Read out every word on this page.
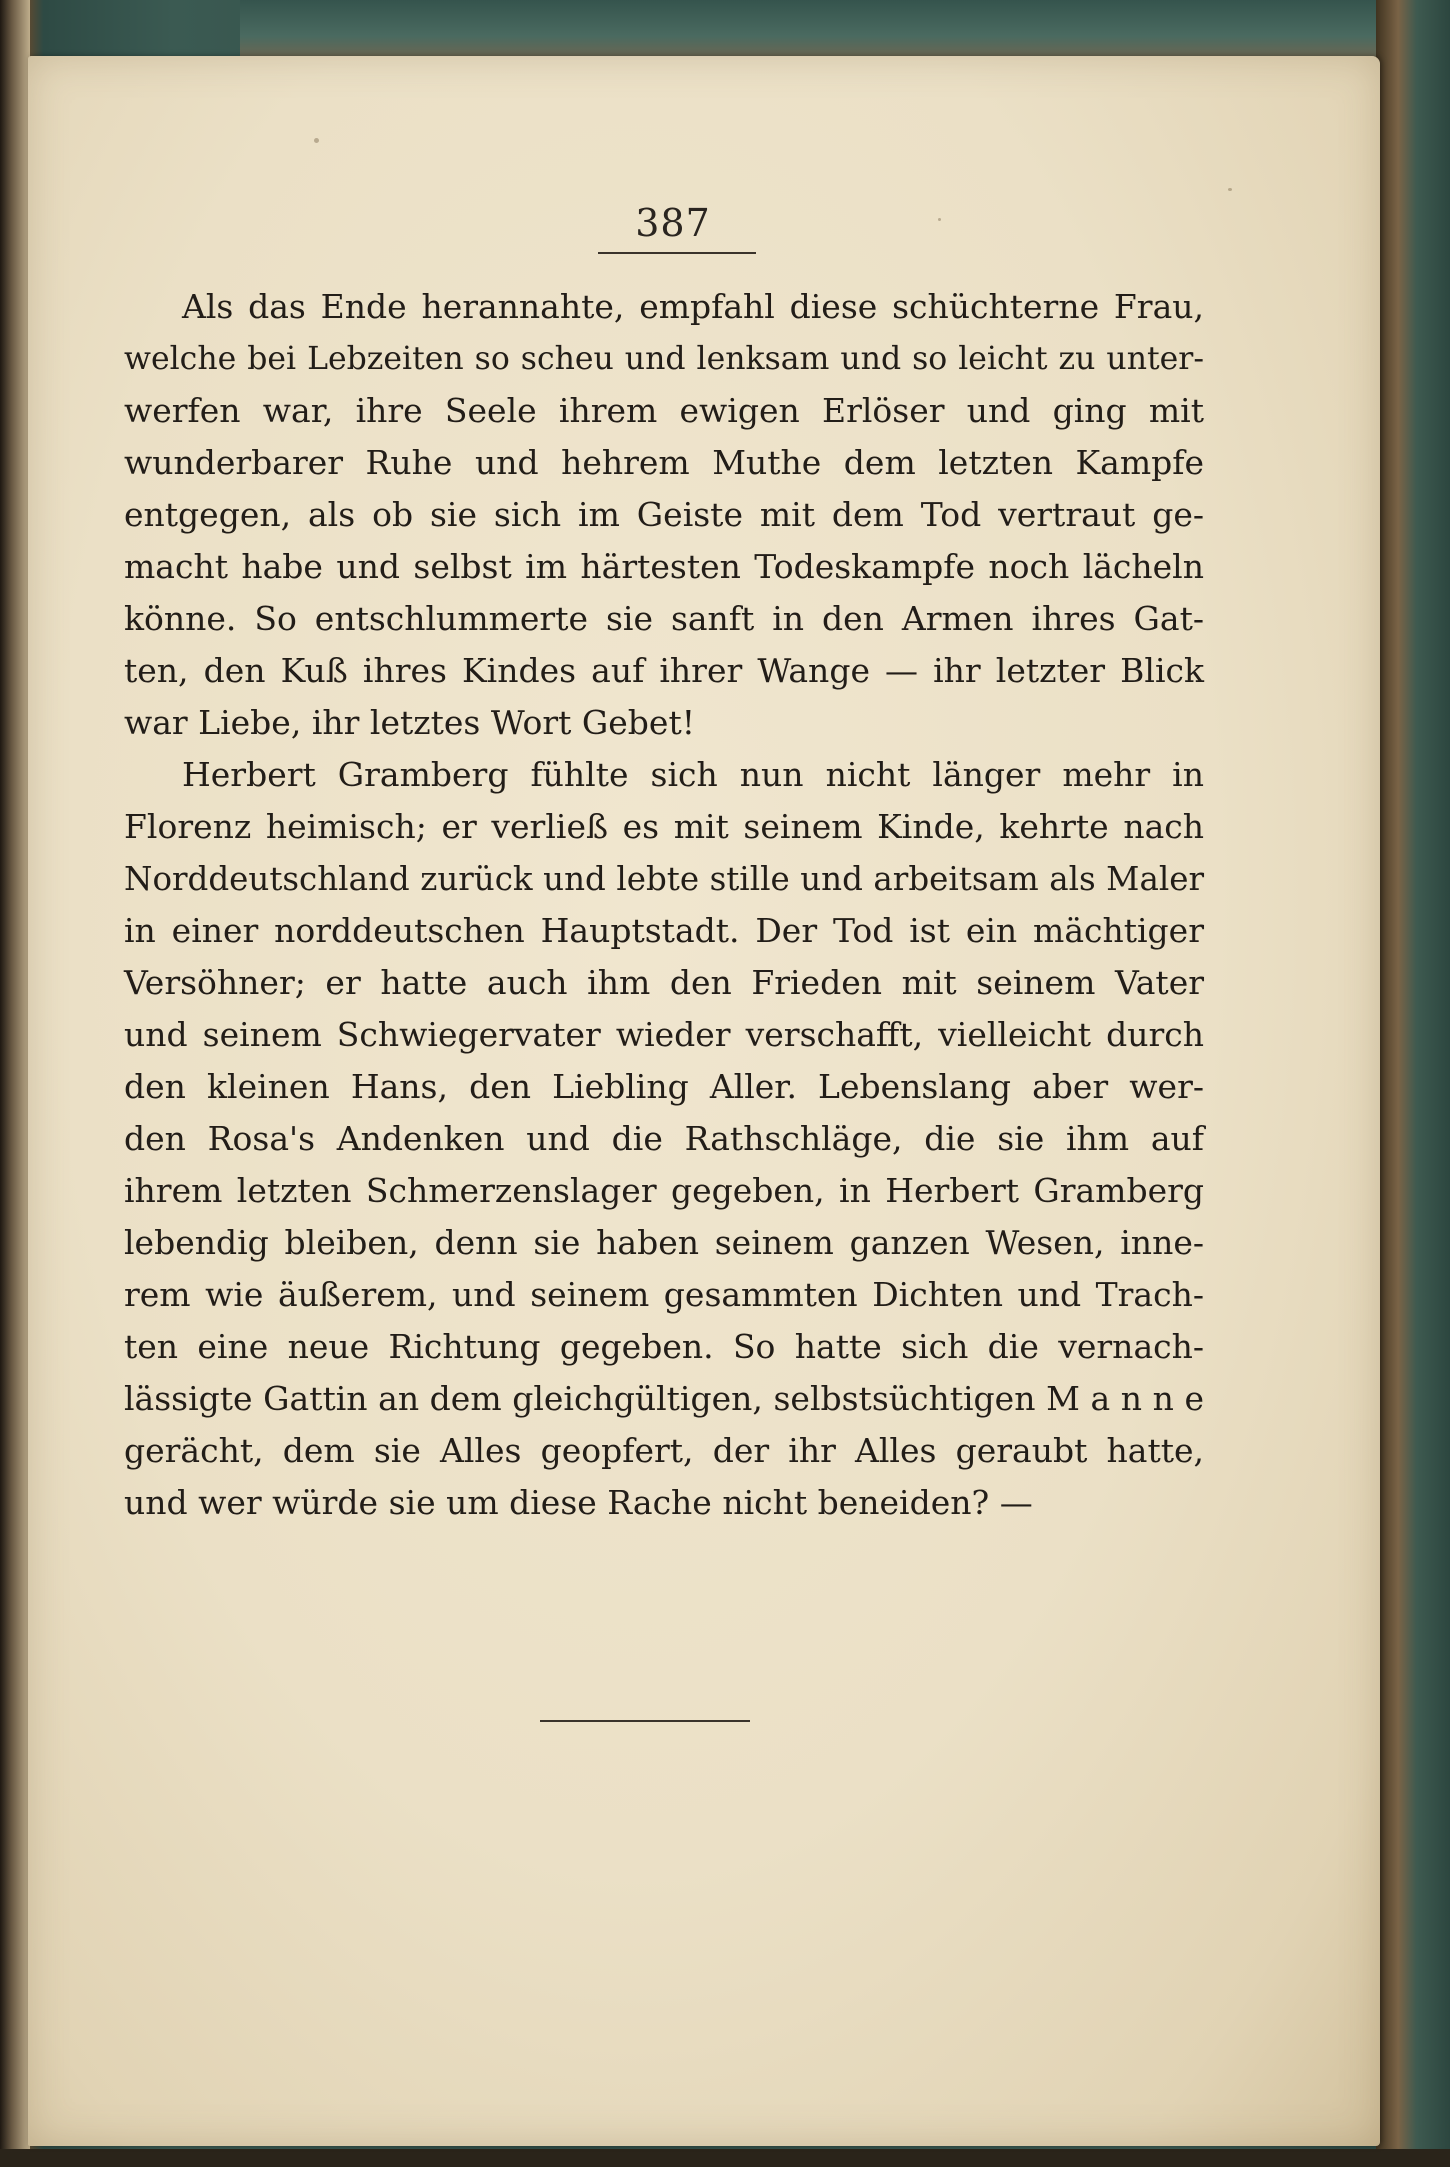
387
Als das Ende herannahte, empfahl diese schüchterne Frau,
welche bei Lebzeiten so scheu und lenksam und so leicht zu unter-
werfen war, ihre Seele ihrem ewigen Erlöser und ging mit
wunderbarer Ruhe und hehrem Muthe dem letzten Kampfe
entgegen, als ob sie sich im Geiste mit dem Tod vertraut ge-
macht habe und selbst im härtesten Todeskampfe noch lächeln
könne. So entschlummerte sie sanft in den Armen ihres Gat-
ten, den Kuß ihres Kindes auf ihrer Wange — ihr letzter Blick
war Liebe, ihr letztes Wort Gebet!
Herbert Gramberg fühlte sich nun nicht länger mehr in
Florenz heimisch; er verließ es mit seinem Kinde, kehrte nach
Norddeutschland zurück und lebte stille und arbeitsam als Maler
in einer norddeutschen Hauptstadt. Der Tod ist ein mächtiger
Versöhner; er hatte auch ihm den Frieden mit seinem Vater
und seinem Schwiegervater wieder verschafft, vielleicht durch
den kleinen Hans, den Liebling Aller. Lebenslang aber wer-
den Rosa's Andenken und die Rathschläge, die sie ihm auf
ihrem letzten Schmerzenslager gegeben, in Herbert Gramberg
lebendig bleiben, denn sie haben seinem ganzen Wesen, inne-
rem wie äußerem, und seinem gesammten Dichten und Trach-
ten eine neue Richtung gegeben. So hatte sich die vernach-
lässigte Gattin an dem gleichgültigen, selbstsüchtigen M a n n e
gerächt, dem sie Alles geopfert, der ihr Alles geraubt hatte,
und wer würde sie um diese Rache nicht beneiden? —
